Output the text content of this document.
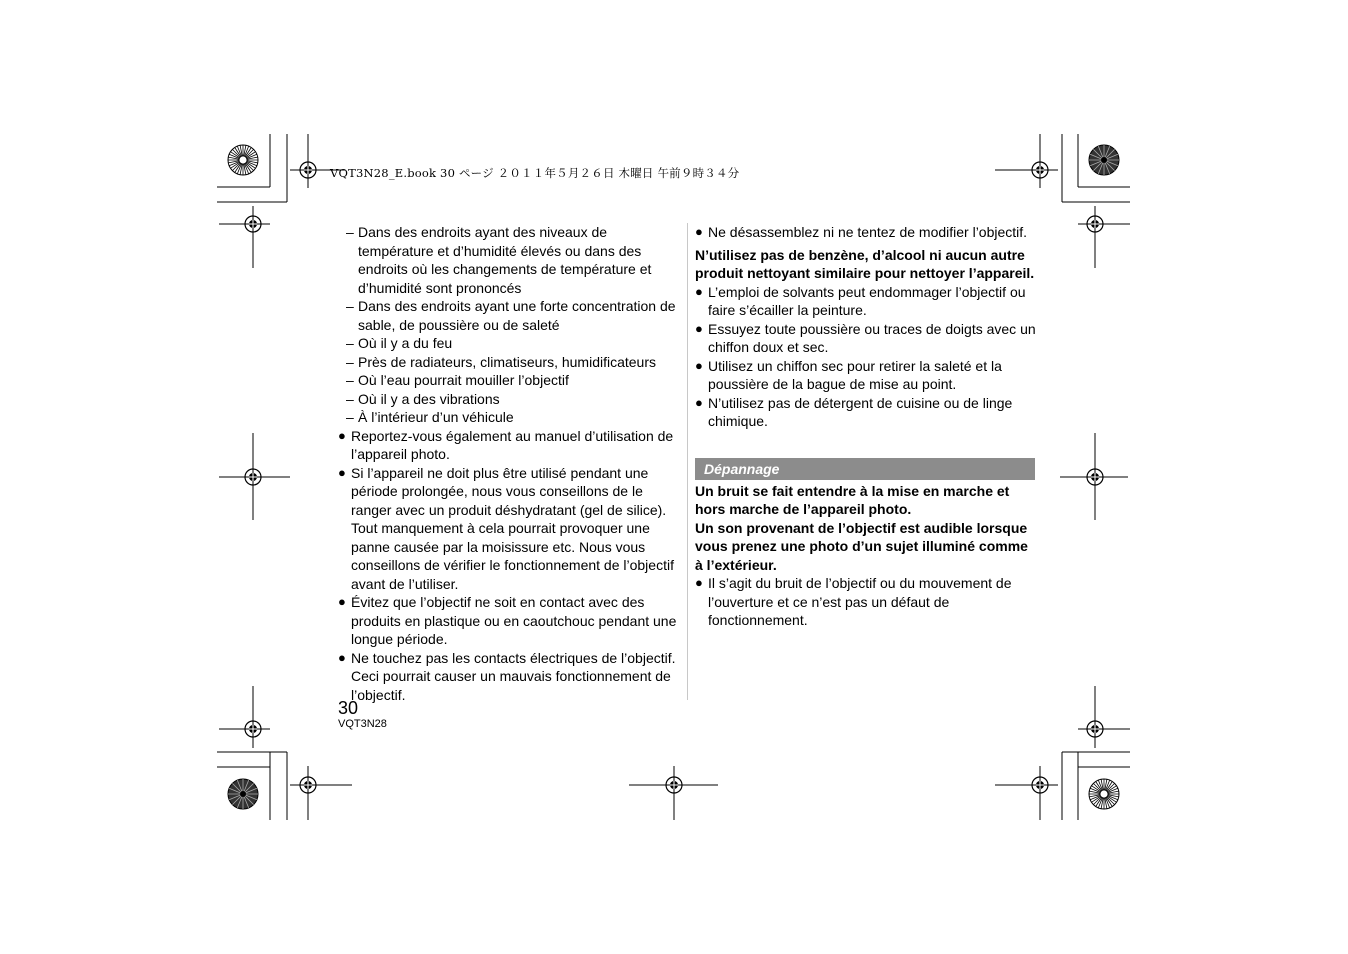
VQT3N28_E.book 30 ページ ２０１１年５月２６日 木曜日 午前９時３４分
– Dans des endroits ayant des niveaux de température et d’humidité élevés ou dans des endroits où les changements de température et d’humidité sont prononcés
– Dans des endroits ayant une forte concentration de sable, de poussière ou de saleté
– Où il y a du feu
– Près de radiateurs, climatiseurs, humidificateurs
– Où l’eau pourrait mouiller l’objectif
– Où il y a des vibrations
– À l’intérieur d’un véhicule
● Reportez-vous également au manuel d’utilisation de l’appareil photo.
● Si l’appareil ne doit plus être utilisé pendant une période prolongée, nous vous conseillons de le ranger avec un produit déshydratant (gel de silice). Tout manquement à cela pourrait provoquer une panne causée par la moisissure etc. Nous vous conseillons de vérifier le fonctionnement de l’objectif avant de l’utiliser.
● Évitez que l’objectif ne soit en contact avec des produits en plastique ou en caoutchouc pendant une longue période.
● Ne touchez pas les contacts électriques de l’objectif. Ceci pourrait causer un mauvais fonctionnement de l’objectif.
● Ne désassemblez ni ne tentez de modifier l’objectif.
N’utilisez pas de benzène, d’alcool ni aucun autre produit nettoyant similaire pour nettoyer l’appareil.
● L’emploi de solvants peut endommager l’objectif ou faire s’écailler la peinture.
● Essuyez toute poussière ou traces de doigts avec un chiffon doux et sec.
● Utilisez un chiffon sec pour retirer la saleté et la poussière de la bague de mise au point.
● N’utilisez pas de détergent de cuisine ou de linge chimique.
Dépannage
Un bruit se fait entendre à la mise en marche et hors marche de l’appareil photo.
Un son provenant de l’objectif est audible lorsque vous prenez une photo d’un sujet illuminé comme à l’extérieur.
● Il s’agit du bruit de l’objectif ou du mouvement de l’ouverture et ce n’est pas un défaut de fonctionnement.
30
VQT3N28
